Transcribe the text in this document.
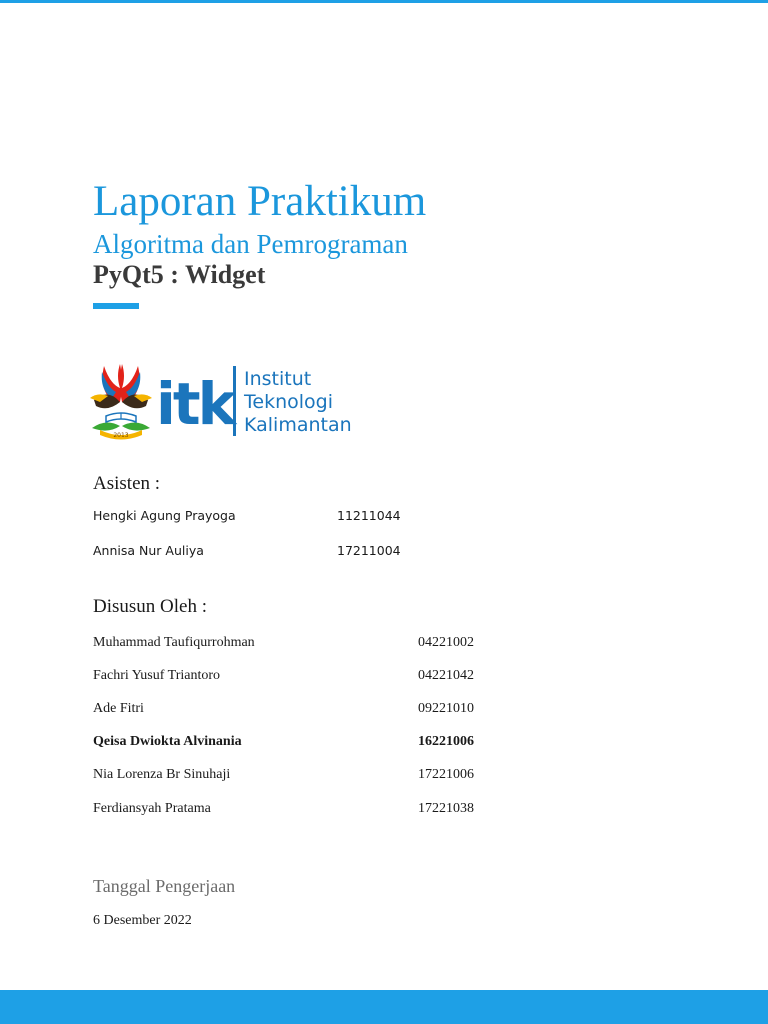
Laporan Praktikum
Algoritma dan Pemrograman
PyQt5 : Widget
2013 itk Institut
Teknologi
Kalimantan
Asisten :
Hengki Agung Prayoga	11211044
Annisa Nur Auliya	17211004
Disusun Oleh :
Muhammad Taufiqurrohman	04221002
Fachri Yusuf Triantoro	04221042
Ade Fitri	09221010
Qeisa Dwiokta Alvinania	16221006
Nia Lorenza Br Sinuhaji	17221006
Ferdiansyah Pratama	17221038
Tanggal Pengerjaan
6 Desember 2022
